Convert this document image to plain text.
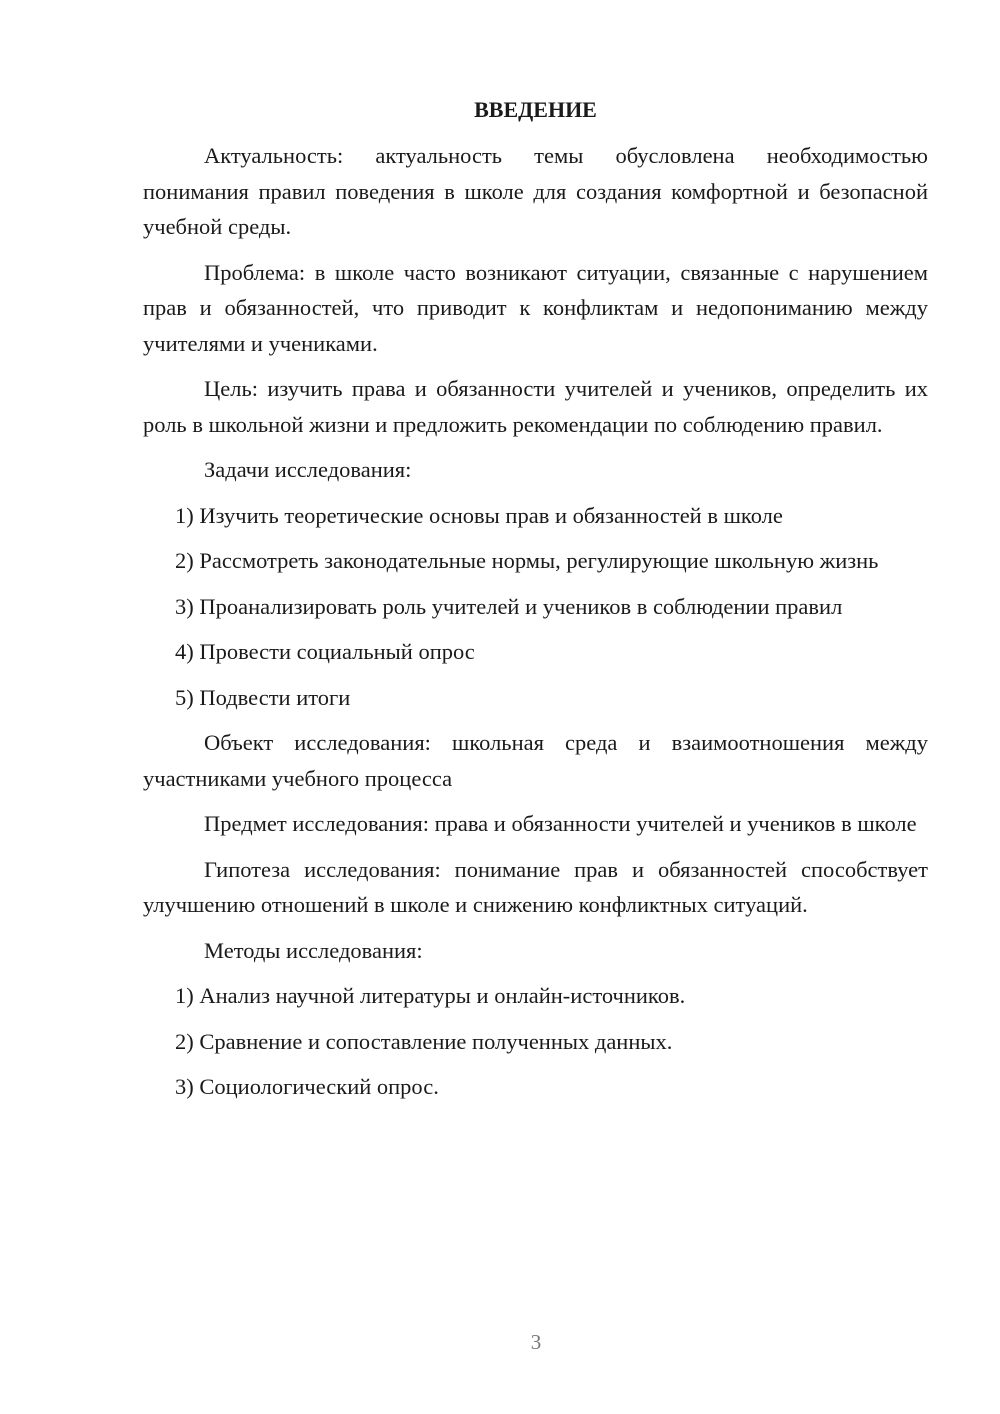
ВВЕДЕНИЕ

Актуальность: актуальность темы обусловлена необходимостью понимания правил поведения в школе для создания комфортной и безопасной учебной среды.

Проблема: в школе часто возникают ситуации, связанные с нарушением прав и обязанностей, что приводит к конфликтам и недопониманию между учителями и учениками.

Цель: изучить права и обязанности учителей и учеников, определить их роль в школьной жизни и предложить рекомендации по соблюдению правил.

Задачи исследования:

1) Изучить теоретические основы прав и обязанностей в школе

2) Рассмотреть законодательные нормы, регулирующие школьную жизнь

3) Проанализировать роль учителей и учеников в соблюдении правил

4) Провести социальный опрос

5) Подвести итоги

Объект исследования: школьная среда и взаимоотношения между участниками учебного процесса

Предмет исследования: права и обязанности учителей и учеников в школе

Гипотеза исследования: понимание прав и обязанностей способствует улучшению отношений в школе и снижению конфликтных ситуаций.

Методы исследования:

1) Анализ научной литературы и онлайн-источников.

2) Сравнение и сопоставление полученных данных.

3) Социологический опрос.

3
